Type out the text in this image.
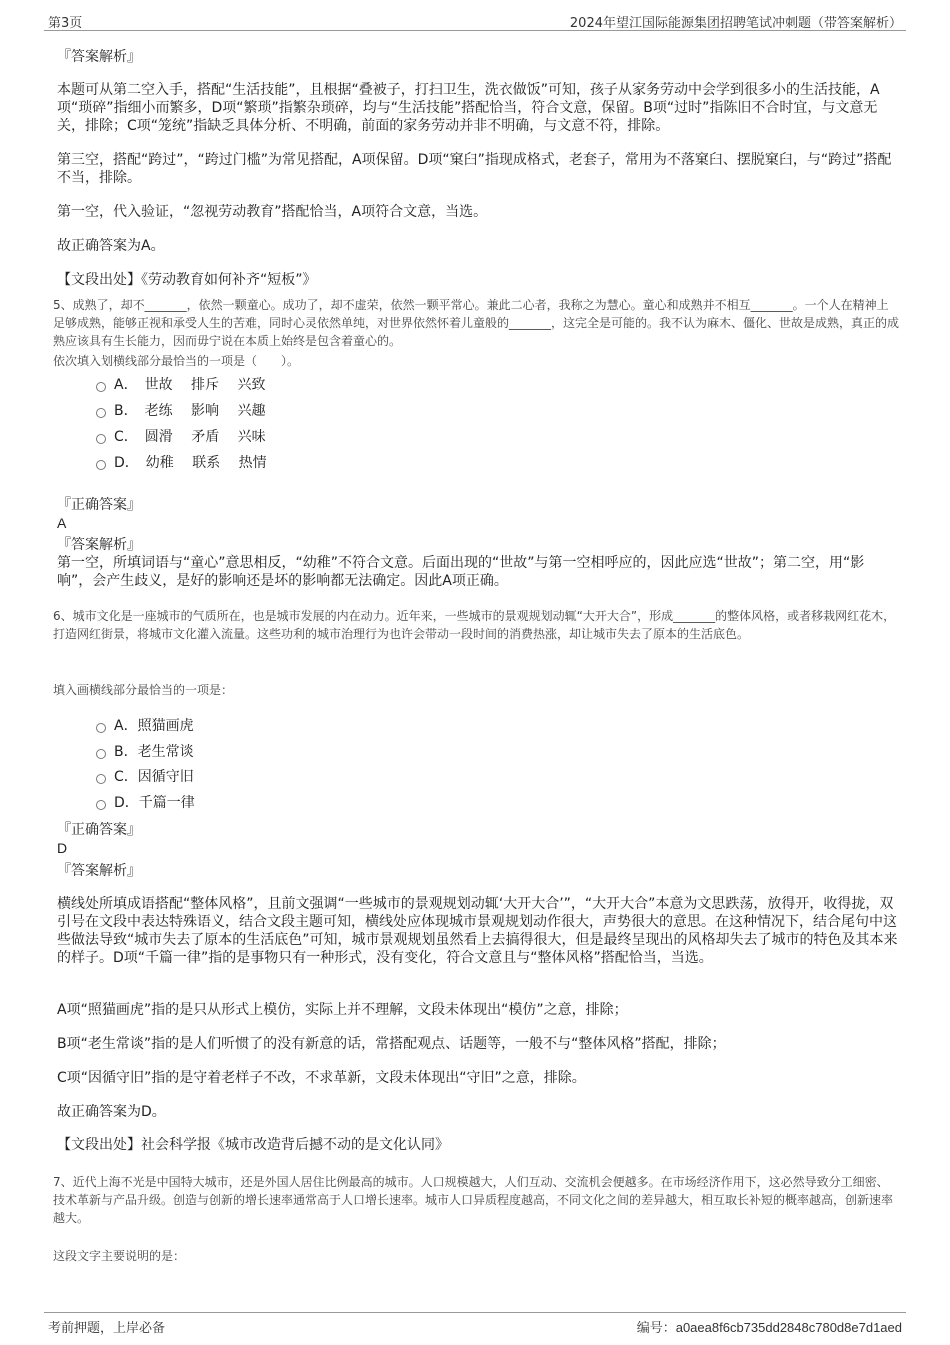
第3页	2024年望江国际能源集团招聘笔试冲刺题（带答案解析）
『答案解析』
本题可从第二空入手，搭配“生活技能”，且根据“叠被子，打扫卫生，洗衣做饭”可知，孩子从家务劳动中会学到很多小的生活技能，A项“琐碎”指细小而繁多，D项“繁琐”指繁杂琐碎，均与“生活技能”搭配恰当，符合文意，保留。B项“过时”指陈旧不合时宜，与文意无关，排除；C项“笼统”指缺乏具体分析、不明确，前面的家务劳动并非不明确，与文意不符，排除。
第三空，搭配“跨过”，“跨过门槛”为常见搭配，A项保留。D项“窠臼”指现成格式，老套子，常用为不落窠臼、摆脱窠臼，与“跨过”搭配不当，排除。
第一空，代入验证，“忽视劳动教育”搭配恰当，A项符合文意，当选。
故正确答案为A。
【文段出处】《劳动教育如何补齐“短板”》
5、成熟了，却不_______，依然一颗童心。成功了，却不虚荣，依然一颗平常心。兼此二心者，我称之为慧心。童心和成熟并不相互_______。一个人在精神上足够成熟，能够正视和承受人生的苦难，同时心灵依然单纯，对世界依然怀着儿童般的_______，这完全是可能的。我不认为麻木、僵化、世故是成熟，真正的成熟应该具有生长能力，因而毋宁说在本质上始终是包含着童心的。
依次填入划横线部分最恰当的一项是（　　）。
A．　世故　 排斥　 兴致
B．　老练　 影响　 兴趣
C．　圆滑　 矛盾　 兴味
D．　幼稚　 联系　 热情
『正确答案』
A
『答案解析』
第一空，所填词语与“童心”意思相反，“幼稚”不符合文意。后面出现的“世故”与第一空相呼应的，因此应选“世故”；第二空，用“影响”，会产生歧义，是好的影响还是坏的影响都无法确定。因此A项正确。
6、城市文化是一座城市的气质所在，也是城市发展的内在动力。近年来，一些城市的景观规划动辄“大开大合”，形成_______的整体风格，或者移栽网红花木，打造网红街景，将城市文化灌入流量。这些功利的城市治理行为也许会带动一段时间的消费热涨，却让城市失去了原本的生活底色。
填入画横线部分最恰当的一项是：
A．照猫画虎
B．老生常谈
C．因循守旧
D．千篇一律
『正确答案』
D
『答案解析』
横线处所填成语搭配“整体风格”，且前文强调“一些城市的景观规划动辄‘大开大合’”，“大开大合”本意为文思跌荡，放得开，收得拢，双引号在文段中表达特殊语义，结合文段主题可知，横线处应体现城市景观规划动作很大，声势很大的意思。在这种情况下，结合尾句中这些做法导致“城市失去了原本的生活底色”可知，城市景观规划虽然看上去搞得很大，但是最终呈现出的风格却失去了城市的特色及其本来的样子。D项“千篇一律”指的是事物只有一种形式，没有变化，符合文意且与“整体风格”搭配恰当，当选。
A项“照猫画虎”指的是只从形式上模仿，实际上并不理解，文段未体现出“模仿”之意，排除；
B项“老生常谈”指的是人们听惯了的没有新意的话，常搭配观点、话题等，一般不与“整体风格”搭配，排除；
C项“因循守旧”指的是守着老样子不改，不求革新，文段未体现出“守旧”之意，排除。
故正确答案为D。
【文段出处】社会科学报《城市改造背后撼不动的是文化认同》
7、近代上海不光是中国特大城市，还是外国人居住比例最高的城市。人口规模越大，人们互动、交流机会便越多。在市场经济作用下，这必然导致分工细密、技术革新与产品升级。创造与创新的增长速率通常高于人口增长速率。城市人口异质程度越高，不同文化之间的差异越大，相互取长补短的概率越高，创新速率越大。
这段文字主要说明的是：
考前押题，上岸必备	编号：a0aea8f6cb735dd2848c780d8e7d1aed
